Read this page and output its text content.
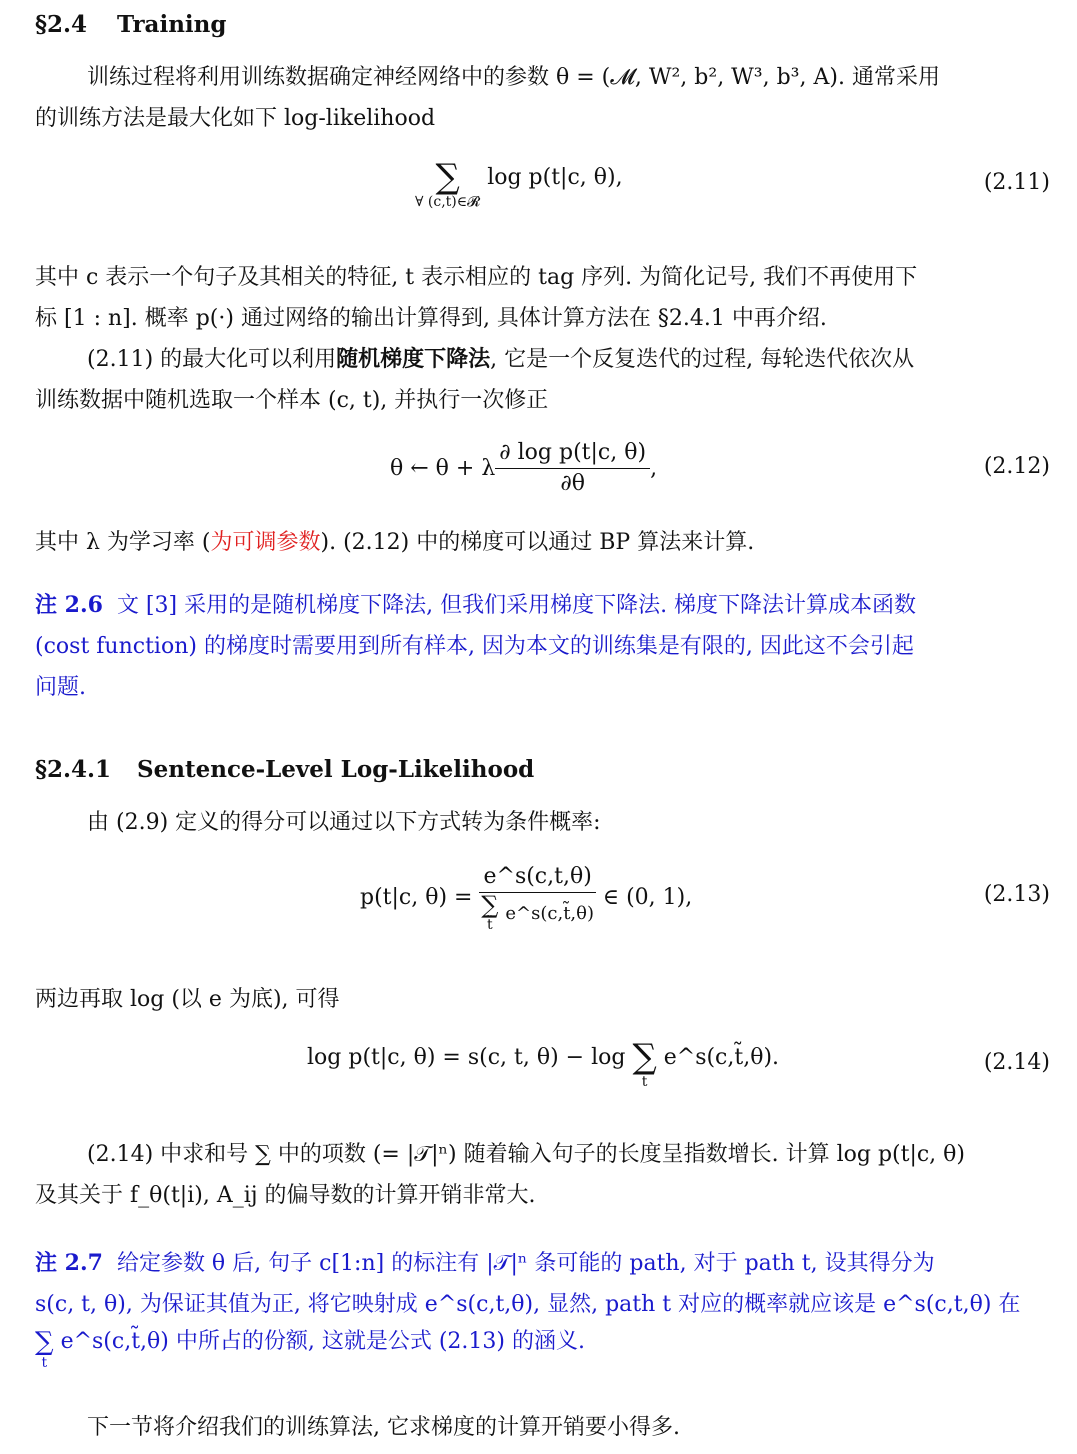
§2.4 Training
训练过程将利用训练数据确定神经网络中的参数 θ = (𝓜, W², b², W³, b³, A). 通常采用
的训练方法是最大化如下 log-likelihood
∑
∀ (c,t)∈𝓡
log p(t|c, θ),	(2.11)
其中 c 表示一个句子及其相关的特征, t 表示相应的 tag 序列. 为简化记号, 我们不再使用下
标 [1 : n]. 概率 p(·) 通过网络的输出计算得到, 具体计算方法在 §2.4.1 中再介绍.
(2.11) 的最大化可以利用随机梯度下降法, 它是一个反复迭代的过程, 每轮迭代依次从
训练数据中随机选取一个样本 (c, t), 并执行一次修正
θ ← θ + λ $\frac{\text{∂ log p(t|c, θ)}}{\partial\theta}$ ,	(2.12)
其中 λ 为学习率 (为可调参数). (2.12) 中的梯度可以通过 BP 算法来计算.
注 2.6 文 [3] 采用的是随机梯度下降法, 但我们采用梯度下降法. 梯度下降法计算成本函数
(cost function) 的梯度时需要用到所有样本, 因为本文的训练集是有限的, 因此这不会引起
问题.
§2.4.1 Sentence-Level Log-Likelihood
由 (2.9) 定义的得分可以通过以下方式转为条件概率:
p(t|c, θ) = e^s(c,t,θ)
∑
t̃
e^s(c,t̃,θ) ∈ (0, 1),	(2.13)
两边再取 log (以 e 为底), 可得
log p(t|c, θ) = s(c, t, θ) − log ∑
t̃
e^s(c,t̃,θ).	(2.14)
(2.14) 中求和号 ∑ 中的项数 (= |𝒯|ⁿ) 随着输入句子的长度呈指数增长. 计算 log p(t|c, θ)
及其关于 f_θ(t|i), A_ij 的偏导数的计算开销非常大.
注 2.7 给定参数 θ 后, 句子 c[1:n] 的标注有 |𝒯|ⁿ 条可能的 path, 对于 path t, 设其得分为
s(c, t, θ), 为保证其值为正, 将它映射成 e^s(c,t,θ), 显然, path t 对应的概率就应该是 e^s(c,t,θ) 在
∑
t̃
e^s(c,t̃,θ) 中所占的份额, 这就是公式 (2.13) 的涵义.
下一节将介绍我们的训练算法, 它求梯度的计算开销要小得多.
